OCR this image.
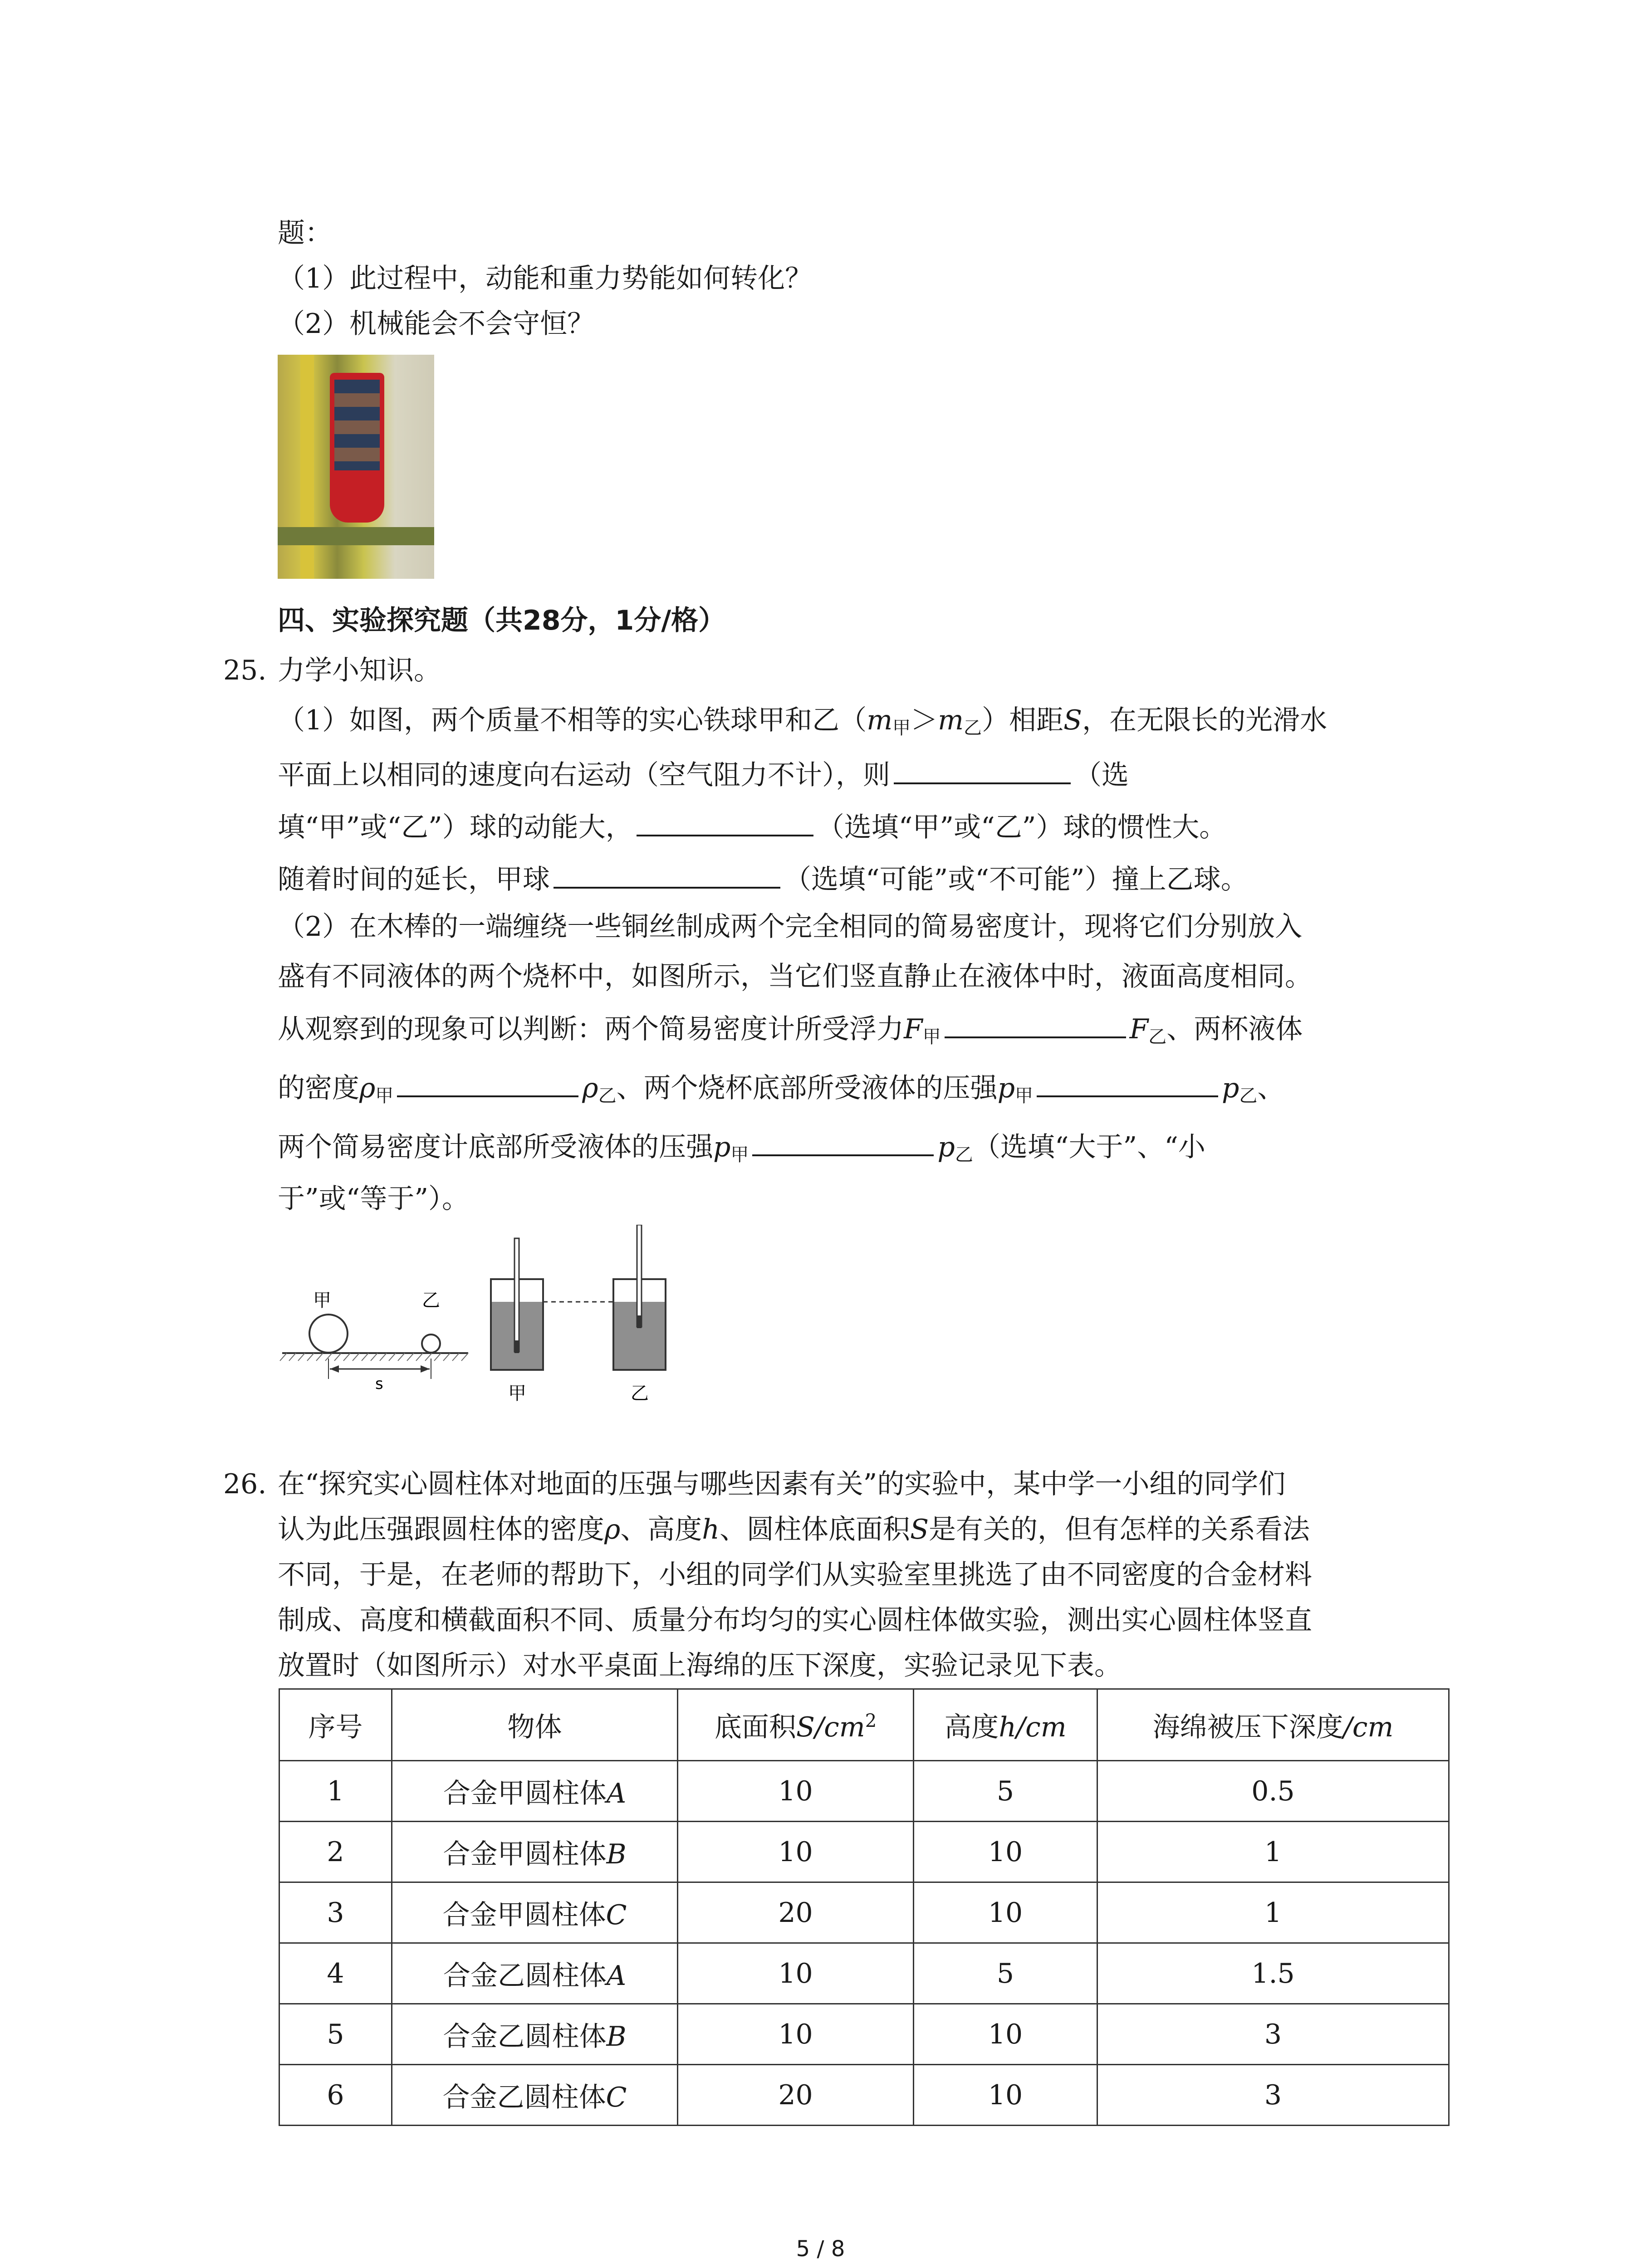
题：
（1）此过程中，动能和重力势能如何转化？
（2）机械能会不会守恒？
四、实验探究题（共28分，1分/格）
25. 力学小知识。
（1）如图，两个质量不相等的实心铁球甲和乙$(m_甲>m_乙)$相距S，在无限长的光滑水
平面上以相同的速度向右运动（空气阻力不计），则	（选
填“甲”或“乙”）球的动能大，	（选填“甲”或“乙”）球的惯性大。
随着时间的延长，甲球	（选填“可能”或“不可能”）撞上乙球。
（2）在木棒的一端缠绕一些铜丝制成两个完全相同的简易密度计，现将它们分别放入
盛有不同液体的两个烧杯中，如图所示，当它们竖直静止在液体中时，液面高度相同。
从观察到的现象可以判断：两个简易密度计所受浮力$F_甲$	$F_乙$、两杯液体
的密度$\rho_甲$	$\rho_乙$、两个烧杯底部所受液体的压强$p_甲$	$p_乙$、
两个简易密度计底部所受液体的压强$p_甲$	$p_乙$（选填“大于”、“小
于”或“等于”）。
甲	乙
s	甲	乙
26. 在“探究实心圆柱体对地面的压强与哪些因素有关”的实验中，某中学一小组的同学们
认为此压强跟圆柱体的密度ρ、高度h、圆柱体底面积S是有关的，但有怎样的关系看法
不同，于是，在老师的帮助下，小组的同学们从实验室里挑选了由不同密度的合金材料
制成、高度和横截面积不同、质量分布均匀的实心圆柱体做实验，测出实心圆柱体竖直
放置时（如图所示）对水平桌面上海绵的压下深度，实验记录见下表。
序号	物体	底面积$S/cm^2$	高度h/cm	海绵被压下深度/cm
1	合金甲圆柱体A	10	5	0.5
2	合金甲圆柱体B	10	10	1
3	合金甲圆柱体C	20	10	1
4	合金乙圆柱体A	10	5	1.5
5	合金乙圆柱体B	10	10	3
6	合金乙圆柱体C	20	10	3
5 / 8
